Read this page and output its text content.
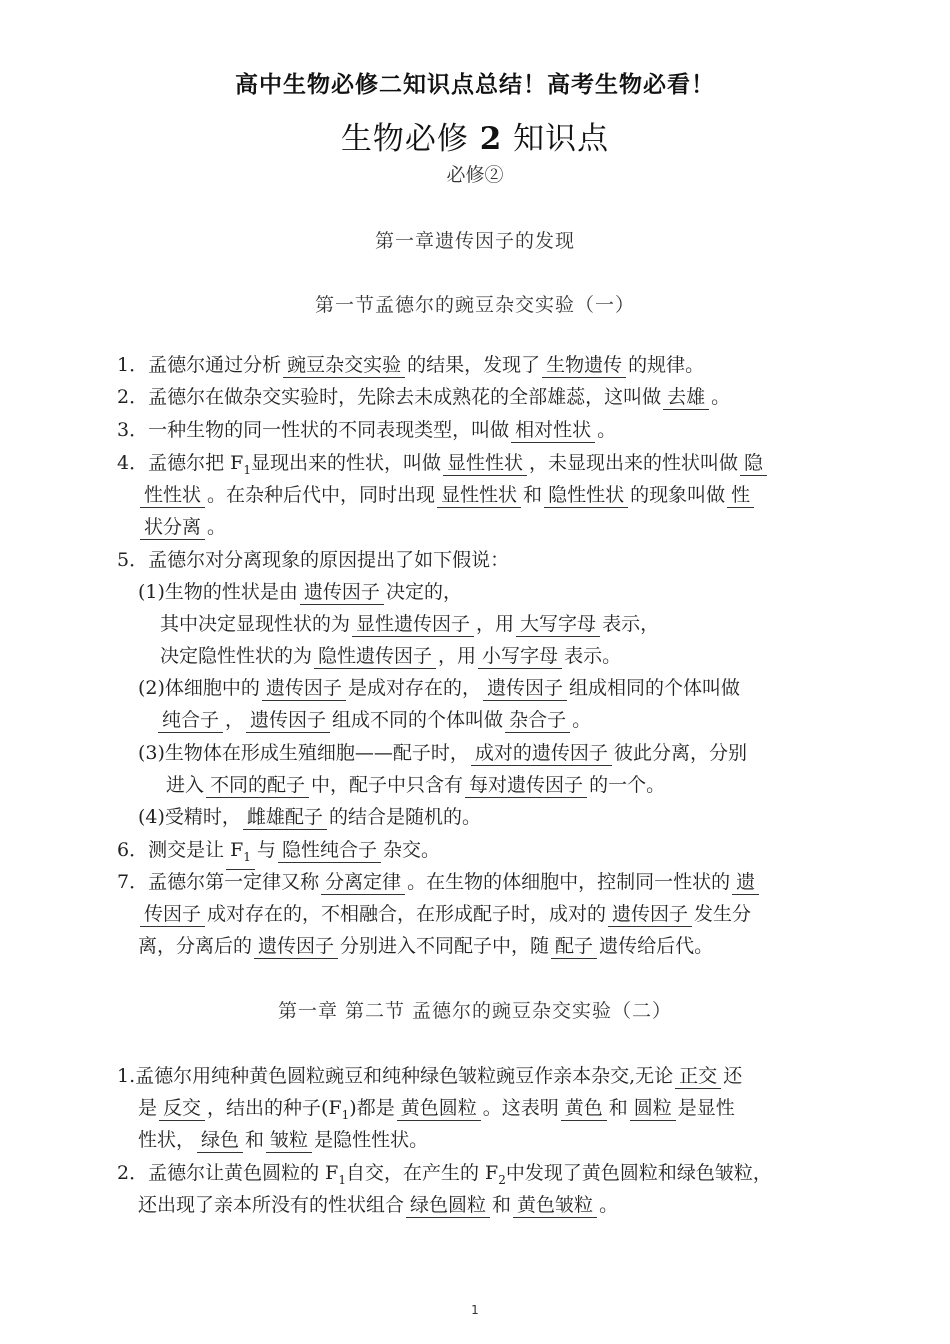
高中生物必修二知识点总结！高考生物必看！
生物必修 2 知识点
必修②
第一章遗传因子的发现
第一节孟德尔的豌豆杂交实验（一）
1．孟德尔通过分析 豌豆杂交实验 的结果，发现了 生物遗传 的规律。
2．孟德尔在做杂交实验时，先除去未成熟花的全部雄蕊，这叫做 去雄 。
3．一种生物的同一性状的不同表现类型，叫做 相对性状 。
4．孟德尔把 $F_1$显现出来的性状，叫做 显性性状 ，未显现出来的性状叫做 隐
性性状 。在杂种后代中，同时出现 显性性状 和 隐性性状 的现象叫做 性
状分离 。
5．孟德尔对分离现象的原因提出了如下假说：
(1)生物的性状是由 遗传因子 决定的，
其中决定显现性状的为 显性遗传因子 ，用 大写字母 表示，
决定隐性性状的为 隐性遗传因子 ，用 小写字母 表示。
(2)体细胞中的 遗传因子 是成对存在的， 遗传因子 组成相同的个体叫做
纯合子 ， 遗传因子 组成不同的个体叫做 杂合子 。
(3)生物体在形成生殖细胞——配子时， 成对的遗传因子 彼此分离，分别
进入 不同的配子 中，配子中只含有 每对遗传因子 的一个。
(4)受精时， 雌雄配子 的结合是随机的。
6．测交是让 $F_1$ 与 隐性纯合子 杂交。
7．孟德尔第一定律又称 分离定律 。在生物的体细胞中，控制同一性状的 遗
传因子 成对存在的，不相融合，在形成配子时，成对的 遗传因子 发生分
离，分离后的 遗传因子 分别进入不同配子中，随 配子 遗传给后代。
第一章 第二节 孟德尔的豌豆杂交实验（二）
1.孟德尔用纯种黄色圆粒豌豆和纯种绿色皱粒豌豆作亲本杂交,无论 正交 还
是 反交 ，结出的种子$(F_1)$都是 黄色圆粒 。这表明 黄色 和 圆粒 是显性
性状， 绿色 和 皱粒 是隐性性状。
2．孟德尔让黄色圆粒的 $F_1$自交，在产生的 $F_2$中发现了黄色圆粒和绿色皱粒，
还出现了亲本所没有的性状组合 绿色圆粒 和 黄色皱粒 。
1
